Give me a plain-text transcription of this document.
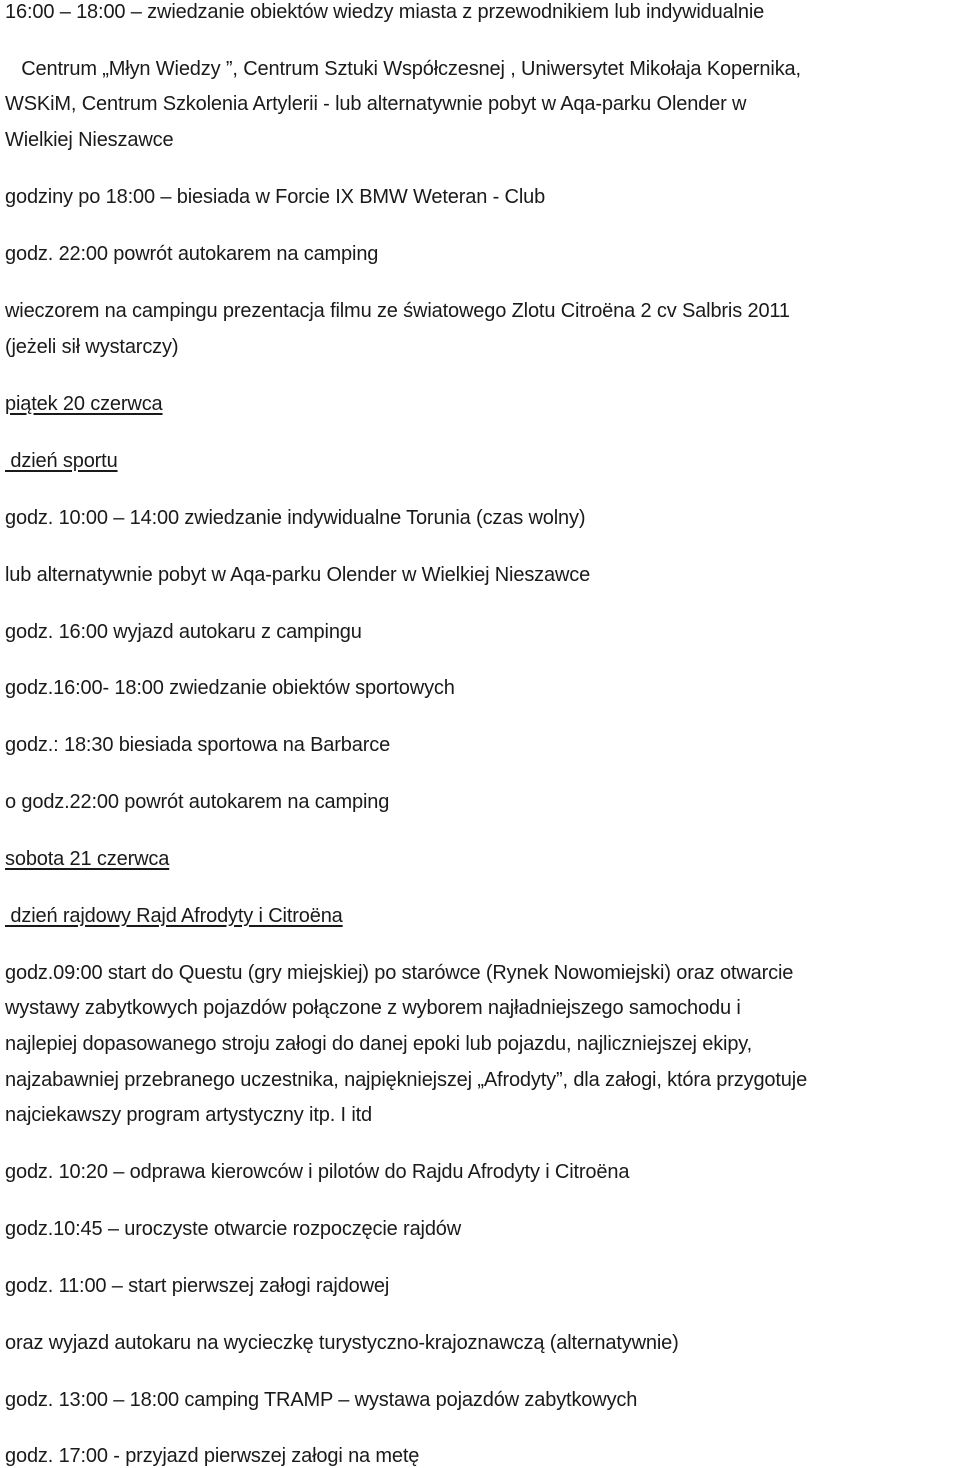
16:00 – 18:00 – zwiedzanie obiektów wiedzy miasta z przewodnikiem lub indywidualnie
Centrum „Młyn Wiedzy ”, Centrum Sztuki Współczesnej , Uniwersytet Mikołaja Kopernika,
WSKiM, Centrum Szkolenia Artylerii - lub alternatywnie pobyt w Aqa-parku Olender w
Wielkiej Nieszawce
godziny po 18:00 – biesiada w Forcie IX BMW Weteran - Club
godz. 22:00 powrót autokarem na camping
wieczorem na campingu prezentacja filmu ze światowego Zlotu Citroëna 2 cv Salbris 2011
(jeżeli sił wystarczy)
piątek 20 czerwca
dzień sportu
godz. 10:00 – 14:00 zwiedzanie indywidualne Torunia (czas wolny)
lub alternatywnie pobyt w Aqa-parku Olender w Wielkiej Nieszawce
godz. 16:00 wyjazd autokaru z campingu
godz.16:00- 18:00 zwiedzanie obiektów sportowych
godz.: 18:30 biesiada sportowa na Barbarce
o godz.22:00 powrót autokarem na camping
sobota 21 czerwca
dzień rajdowy Rajd Afrodyty i Citroëna
godz.09:00 start do Questu (gry miejskiej) po starówce (Rynek Nowomiejski) oraz otwarcie
wystawy zabytkowych pojazdów połączone z wyborem najładniejszego samochodu i
najlepiej dopasowanego stroju załogi do danej epoki lub pojazdu, najliczniejszej ekipy,
najzabawniej przebranego uczestnika, najpiękniejszej „Afrodyty”, dla załogi, która przygotuje
najciekawszy program artystyczny itp. I itd
godz. 10:20 – odprawa kierowców i pilotów do Rajdu Afrodyty i Citroëna
godz.10:45 – uroczyste otwarcie rozpoczęcie rajdów
godz. 11:00 – start pierwszej załogi rajdowej
oraz wyjazd autokaru na wycieczkę turystyczno-krajoznawczą (alternatywnie)
godz. 13:00 – 18:00 camping TRAMP – wystawa pojazdów zabytkowych
godz. 17:00 - przyjazd pierwszej załogi na metę
